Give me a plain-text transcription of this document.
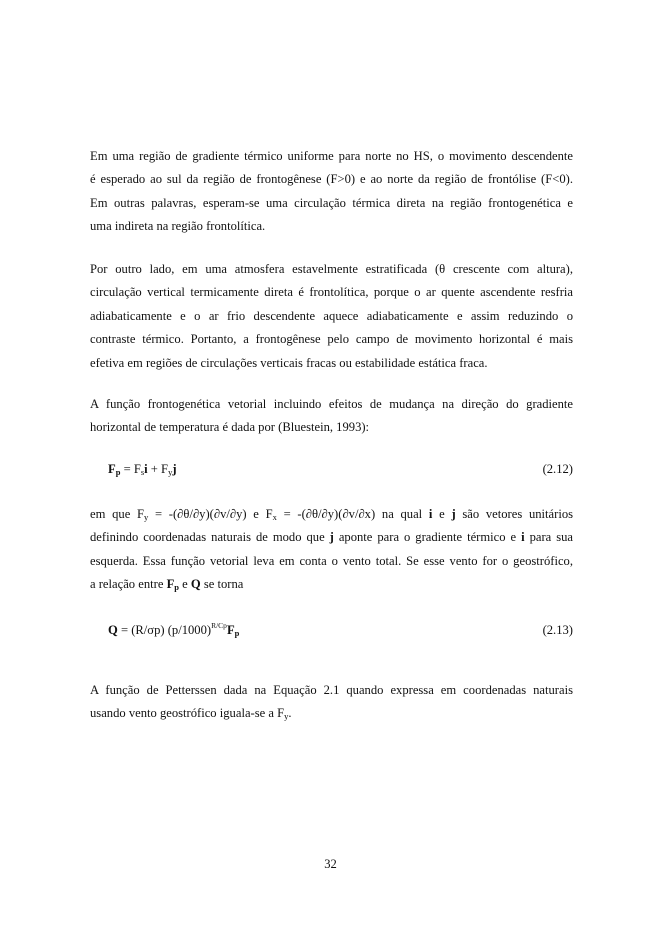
Em uma região de gradiente térmico uniforme para norte no HS, o movimento descendente
é esperado ao sul da região de frontogênese (F>0) e ao norte da região de frontólise (F<0).
Em outras palavras, esperam-se uma circulação térmica direta na região frontogenética e
uma indireta na região frontolítica.
Por outro lado, em uma atmosfera estavelmente estratificada (θ crescente com altura),
circulação vertical termicamente direta é frontolítica, porque o ar quente ascendente resfria
adiabaticamente e o ar frio descendente aquece adiabaticamente e assim reduzindo o
contraste térmico. Portanto, a frontogênese pelo campo de movimento horizontal é mais
efetiva em regiões de circulações verticais fracas ou estabilidade estática fraca.
A função frontogenética vetorial incluindo efeitos de mudança na direção do gradiente
horizontal de temperatura é dada por (Bluestein, 1993):
$F_p = F_si + F_yj$	(2.12)
em que $F_y = -(\partial\theta/\partial y)(\partial v/\partial y)$ e $F_x = -(\partial\theta/\partial y)(\partial v/\partial x)$ na qual i e j são vetores unitários
definindo coordenadas naturais de modo que j aponte para o gradiente térmico e i para sua
esquerda. Essa função vetorial leva em conta o vento total. Se esse vento for o geostrófico,
a relação entre $F_p$ e Q se torna
Q = (R/σp) $(p/1000)^{R/Cp}F_p$	(2.13)
A função de Petterssen dada na Equação 2.1 quando expressa em coordenadas naturais
usando vento geostrófico iguala-se a $F_y$.
32
